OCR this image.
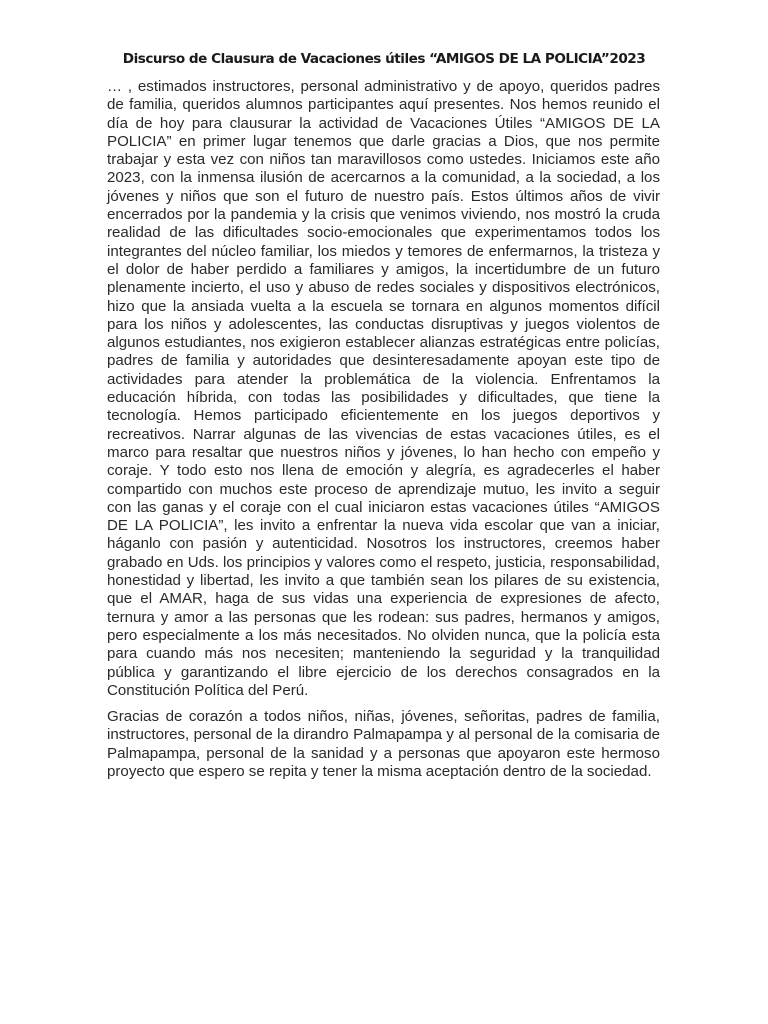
Discurso de Clausura de Vacaciones útiles “AMIGOS DE LA POLICIA”2023

… , estimados instructores, personal administrativo y de apoyo, queridos padres de familia, queridos alumnos participantes aquí presentes. Nos hemos reunido el día de hoy para clausurar la actividad de Vacaciones Útiles “AMIGOS DE LA POLICIA” en primer lugar tenemos que darle gracias a Dios, que nos permite trabajar y esta vez con niños tan maravillosos como ustedes. Iniciamos este año 2023, con la inmensa ilusión de acercarnos a la comunidad, a la sociedad, a los jóvenes y niños que son el futuro de nuestro país. Estos últimos años de vivir encerrados por la pandemia y la crisis que venimos viviendo, nos mostró la cruda realidad de las dificultades socio-emocionales que experimentamos todos los integrantes del núcleo familiar, los miedos y temores de enfermarnos, la tristeza y el dolor de haber perdido a familiares y amigos, la incertidumbre de un futuro plenamente incierto, el uso y abuso de redes sociales y dispositivos electrónicos, hizo que la ansiada vuelta a la escuela se tornara en algunos momentos difícil para los niños y adolescentes, las conductas disruptivas y juegos violentos de algunos estudiantes, nos exigieron establecer alianzas estratégicas entre policías, padres de familia y autoridades que desinteresadamente apoyan este tipo de actividades para atender la problemática de la violencia. Enfrentamos la educación híbrida, con todas las posibilidades y dificultades, que tiene la tecnología. Hemos participado eficientemente en los juegos deportivos y recreativos. Narrar algunas de las vivencias de estas vacaciones útiles, es el marco para resaltar que nuestros niños y jóvenes, lo han hecho con empeño y coraje. Y todo esto nos llena de emoción y alegría, es agradecerles el haber compartido con muchos este proceso de aprendizaje mutuo, les invito a seguir con las ganas y el coraje con el cual iniciaron estas vacaciones útiles “AMIGOS DE LA POLICIA”, les invito a enfrentar la nueva vida escolar que van a iniciar, háganlo con pasión y autenticidad. Nosotros los instructores, creemos haber grabado en Uds. los principios y valores como el respeto, justicia, responsabilidad, honestidad y libertad, les invito a que también sean los pilares de su existencia, que el AMAR, haga de sus vidas una experiencia de expresiones de afecto, ternura y amor a las personas que les rodean: sus padres, hermanos y amigos, pero especialmente a los más necesitados. No olviden nunca, que la policía esta para cuando más nos necesiten; manteniendo la seguridad y la tranquilidad pública y garantizando el libre ejercicio de los derechos consagrados en la Constitución Política del Perú.

Gracias de corazón a todos niños, niñas, jóvenes, señoritas, padres de familia, instructores, personal de la dirandro Palmapampa y al personal de la comisaria de Palmapampa, personal de la sanidad y a personas que apoyaron este hermoso proyecto que espero se repita y tener la misma aceptación dentro de la sociedad.
